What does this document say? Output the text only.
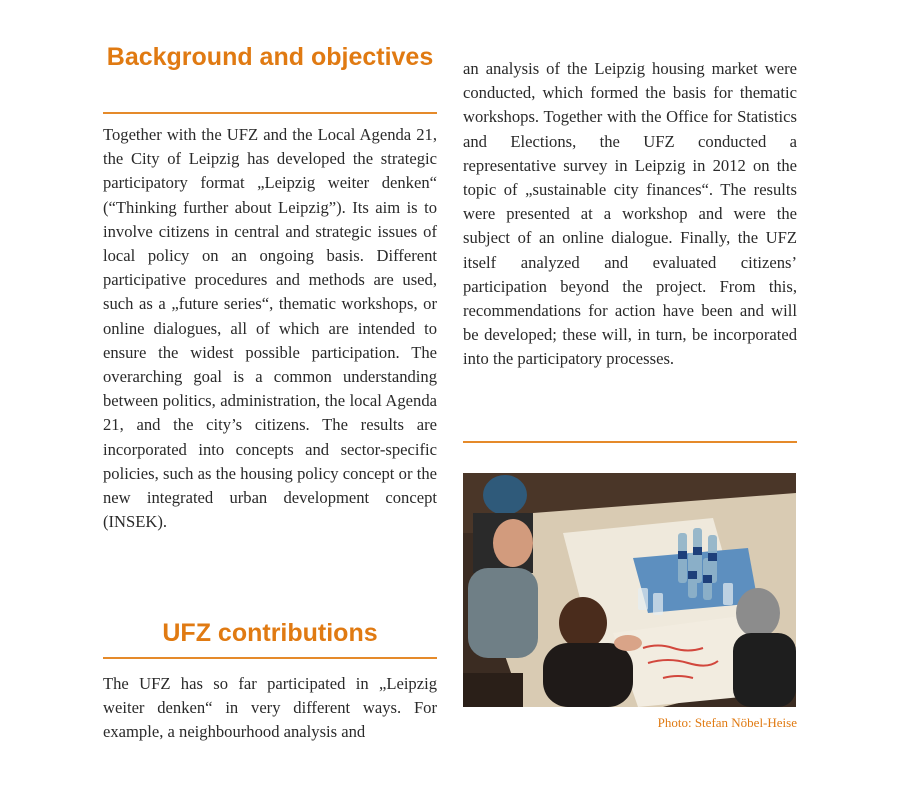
Background and objectives

Together with the UFZ and the Local Agenda 21, the City of Leipzig has developed the strategic participatory format „Leipzig weiter denken“ (“Thinking further about Leipzig”). Its aim is to involve citizens in central and strategic issues of local policy on an ongoing basis. Different participative procedures and methods are used, such as a „future series“, thematic workshops, or online dialogues, all of which are intended to ensure the widest possible participation. The overarching goal is a common understanding between politics, administration, the local Agenda 21, and the city’s citizens. The results are incorporated into concepts and sector-specific policies, such as the housing policy concept or the new integrated urban development concept (INSEK).

UFZ contributions

The UFZ has so far participated in „Leipzig weiter denken“ in very different ways. For example, a neighbourhood analysis and

an analysis of the Leipzig housing market were conducted, which formed the basis for thematic workshops. Together with the Office for Statistics and Elections, the UFZ conducted a representative survey in Leipzig in 2012 on the topic of „sustainable city finances“. The results were presented at a workshop and were the subject of an online dialogue. Finally, the UFZ itself analyzed and evaluated citizens’ participation beyond the project. From this, recommendations for action have been and will be developed; these will, in turn, be incorporated into the participatory processes.

Photo: Stefan Nöbel-Heise
